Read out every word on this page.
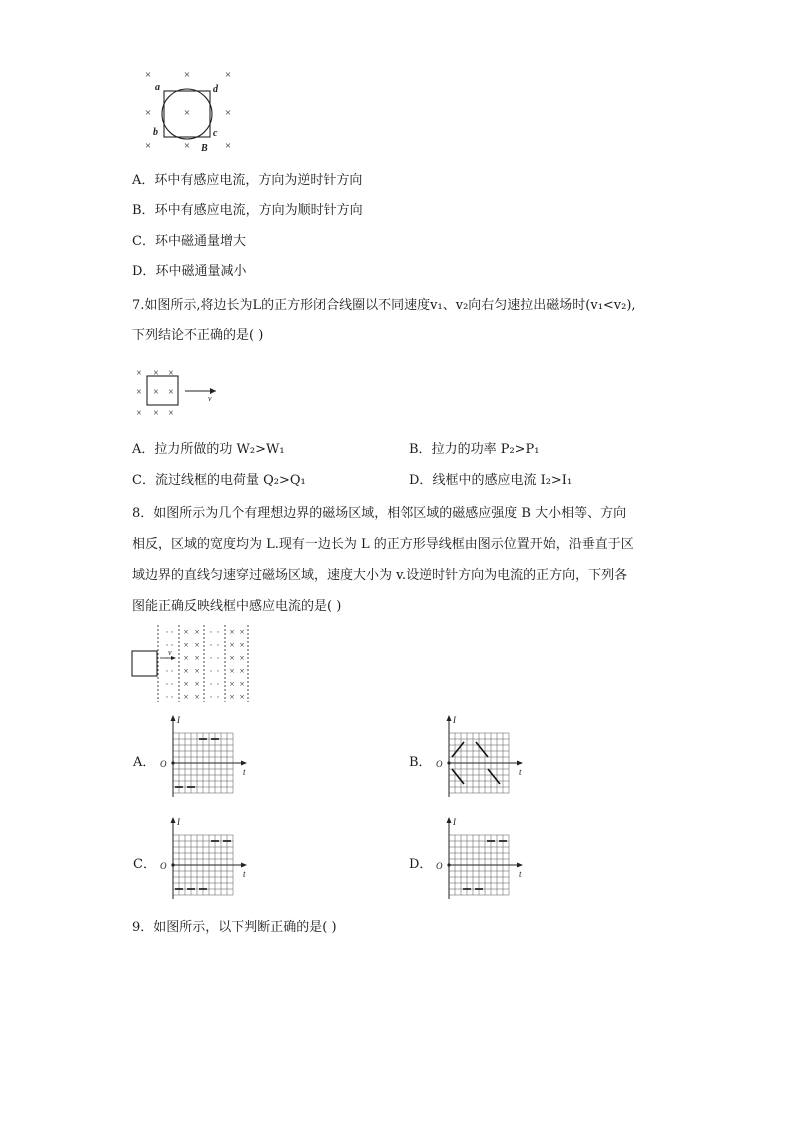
×	×	×
×	×	×
×	×	×
a	d
b	c
B
A．环中有感应电流，方向为逆时针方向
B．环中有感应电流，方向为顺时针方向
C．环中磁通量增大
D．环中磁通量减小
7.如图所示,将边长为L的正方形闭合线圈以不同速度v₁、v₂向右匀速拉出磁场时(v₁<v₂),
下列结论不正确的是( )
× × ×
× × ×
× × ×
v
A．拉力所做的功 W₂>W₁	B．拉力的功率 P₂>P₁
C．流过线框的电荷量 Q₂>Q₁	D．线框中的感应电流 I₂>I₁
8．如图所示为几个有理想边界的磁场区域，相邻区域的磁感应强度 B 大小相等、方向
相反，区域的宽度均为 L.现有一边长为 L 的正方形导线框由图示位置开始，沿垂直于区
域边界的直线匀速穿过磁场区域，速度大小为 v.设逆时针方向为电流的正方向，下列各
图能正确反映线框中感应电流的是( )
v
·
·
·
·
·
·
·
·
·
·
·
·
×
×
×
×
×
×
×
×
×
×
×
×
·
·
·
·
·
·
·
·
·
·
·
·
×
×
×
×
×
×
×
×
×
×
×
×
A．
I
t
O	B．
I
t
O
C．
I
t
O	D．
I
t
O
9．如图所示，以下判断正确的是( )
